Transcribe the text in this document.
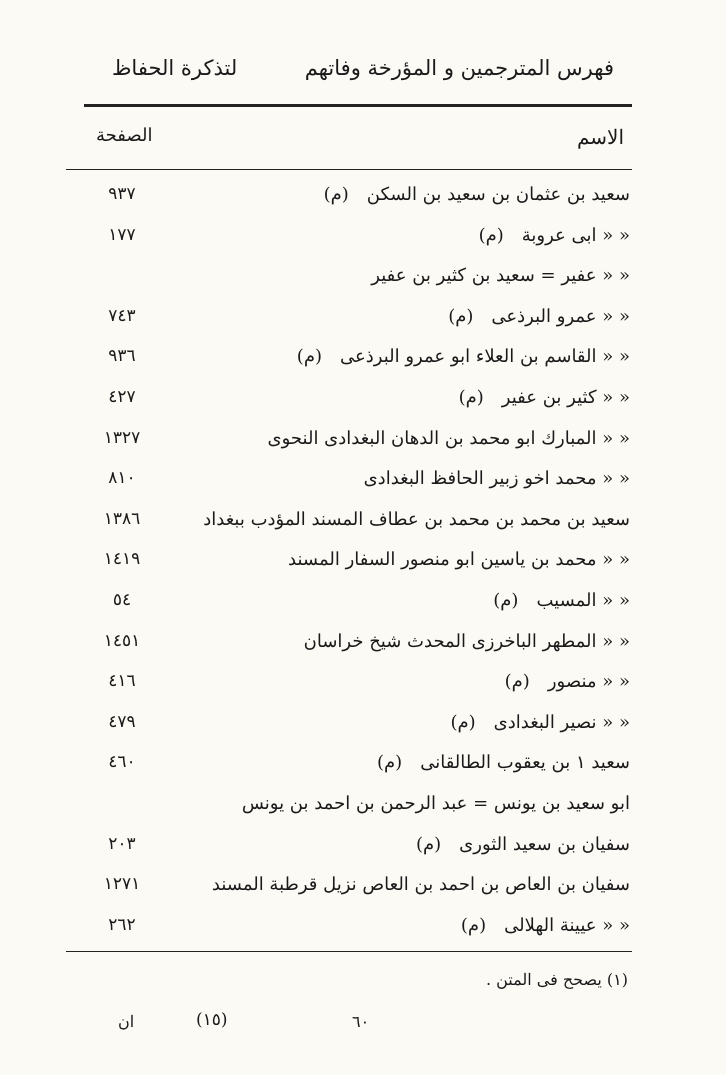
فهرس المترجمين و المؤرخة وفاتهم
لتذكرة الحفاظ
الاسم
الصفحة
سعيد بن عثمان بن سعيد بن السكن(م)
٩٣٧
« « ابى عروبة(م)
١٧٧
« « عفير = سعيد بن كثير بن عفير
« « عمرو البرذعى(م)
٧٤٣
« « القاسم بن العلاء ابو عمرو البرذعى(م)
٩٣٦
« « كثير بن عفير(م)
٤٢٧
« « المبارك ابو محمد بن الدهان البغدادى النحوى
١٣٢٧
« « محمد اخو زبير الحافظ البغدادى
٨١٠
سعيد بن محمد بن محمد بن عطاف المسند المؤدب ببغداد
١٣٨٦
« « محمد بن ياسين ابو منصور السفار المسند
١٤١٩
« « المسيب(م)
٥٤
« « المطهر الباخرزى المحدث شيخ خراسان
١٤٥١
« « منصور(م)
٤١٦
« « نصير البغدادى(م)
٤٧٩
سعيد ١ بن يعقوب الطالقانى(م)
٤٦٠
ابو سعيد بن يونس = عبد الرحمن بن احمد بن يونس
سفيان بن سعيد الثورى(م)
٢٠٣
سفيان بن العاص بن احمد بن العاص نزيل قرطبة المسند
١٢٧١
« « عيينة الهلالى(م)
٢٦٢
(١) يصحح فى المتن .
ان	(١٥)	٦٠
